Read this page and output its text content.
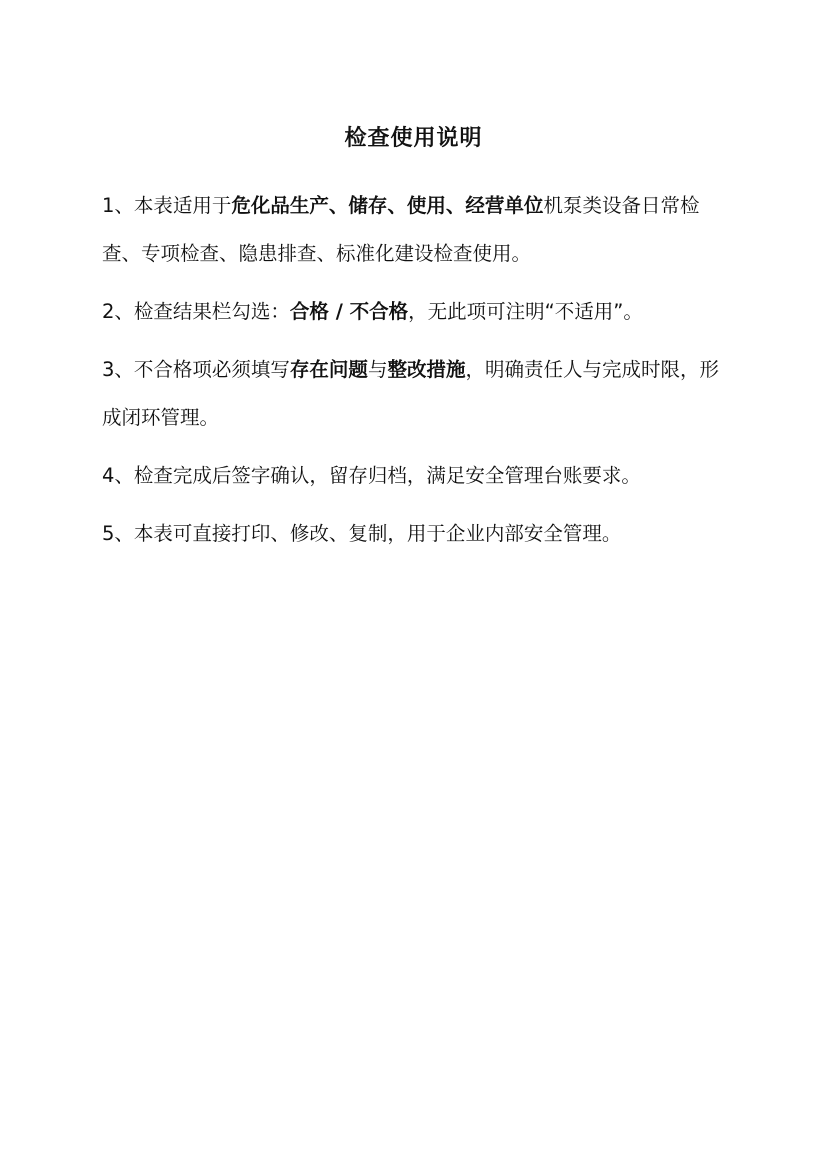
检查使用说明
1、本表适用于危化品生产、储存、使用、经营单位机泵类设备日常检查、专项检查、隐患排查、标准化建设检查使用。
2、检查结果栏勾选：合格 / 不合格，无此项可注明“不适用”。
3、不合格项必须填写存在问题与整改措施，明确责任人与完成时限，形成闭环管理。
4、检查完成后签字确认，留存归档，满足安全管理台账要求。
5、本表可直接打印、修改、复制，用于企业内部安全管理。
